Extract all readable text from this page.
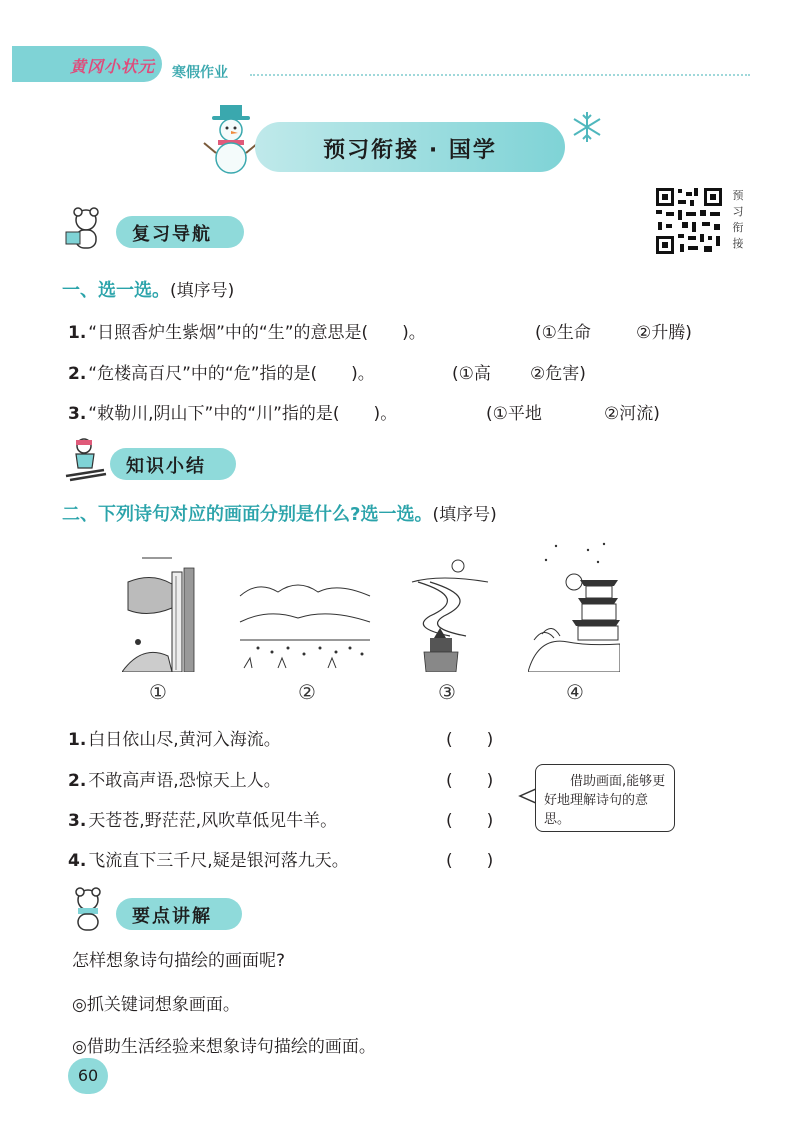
黄冈小状元 寒假作业
预习衔接 · 国学
预
习
衔
接
复习导航
一、选一选。(填序号)
1. “日照香炉生紫烟”中的“生”的意思是(　　)。	(①生命	②升腾)
2. “危楼高百尺”中的“危”指的是(　　)。	(①高 ②危害)
3. “敕勒川,阴山下”中的“川”指的是(　　)。	(①平地	②河流)
知识小结
二、下列诗句对应的画面分别是什么?选一选。(填序号)
①	②	③	④
1. 白日依山尽,黄河入海流。	(　　)
2. 不敢高声语,恐惊天上人。	(　　)
3. 天苍苍,野茫茫,风吹草低见牛羊。	(　　)
4. 飞流直下三千尺,疑是银河落九天。	(　　)
借助画面,能够更好地理解诗句的意思。
要点讲解
怎样想象诗句描绘的画面呢?
◎抓关键词想象画面。
◎借助生活经验来想象诗句描绘的画面。
60
